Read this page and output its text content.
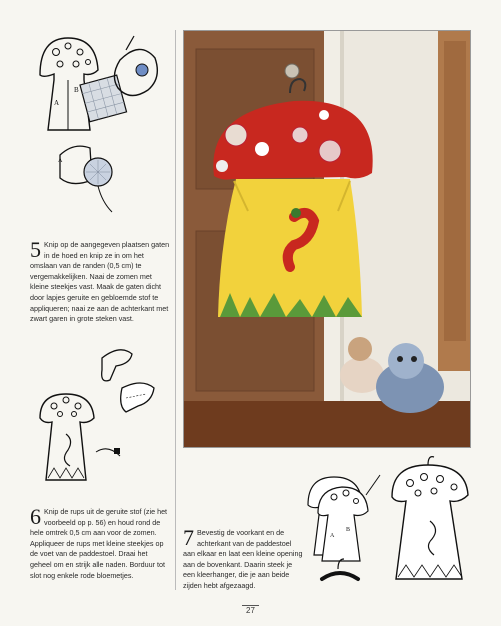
A
B
A
5 Knip op de aangegeven plaatsen gaten in de hoed en knip ze in om het omslaan van de randen (0,5 cm) te vergemakkelijken. Naai de zomen met kleine steekjes vast. Maak de gaten dicht door lapjes geruite en gebloemde stof te appliqueren; naai ze aan de achterkant met zwart garen in grote steken vast.
6 Knip de rups uit de geruite stof (zie het voorbeeld op p. 56) en houd rond de hele omtrek 0,5 cm aan voor de zomen. Appliqueer de rups met kleine steekjes op de voet van de paddestoel. Draai het geheel om en strijk alle naden. Borduur tot slot nog enkele rode bloemetjes.
7 Bevestig de voorkant en de achterkant van de paddestoel aan elkaar en laat een kleine opening aan de bovenkant. Daarin steek je een kleerhanger, die je aan beide zijden hebt afgezaagd.
A
B
27
